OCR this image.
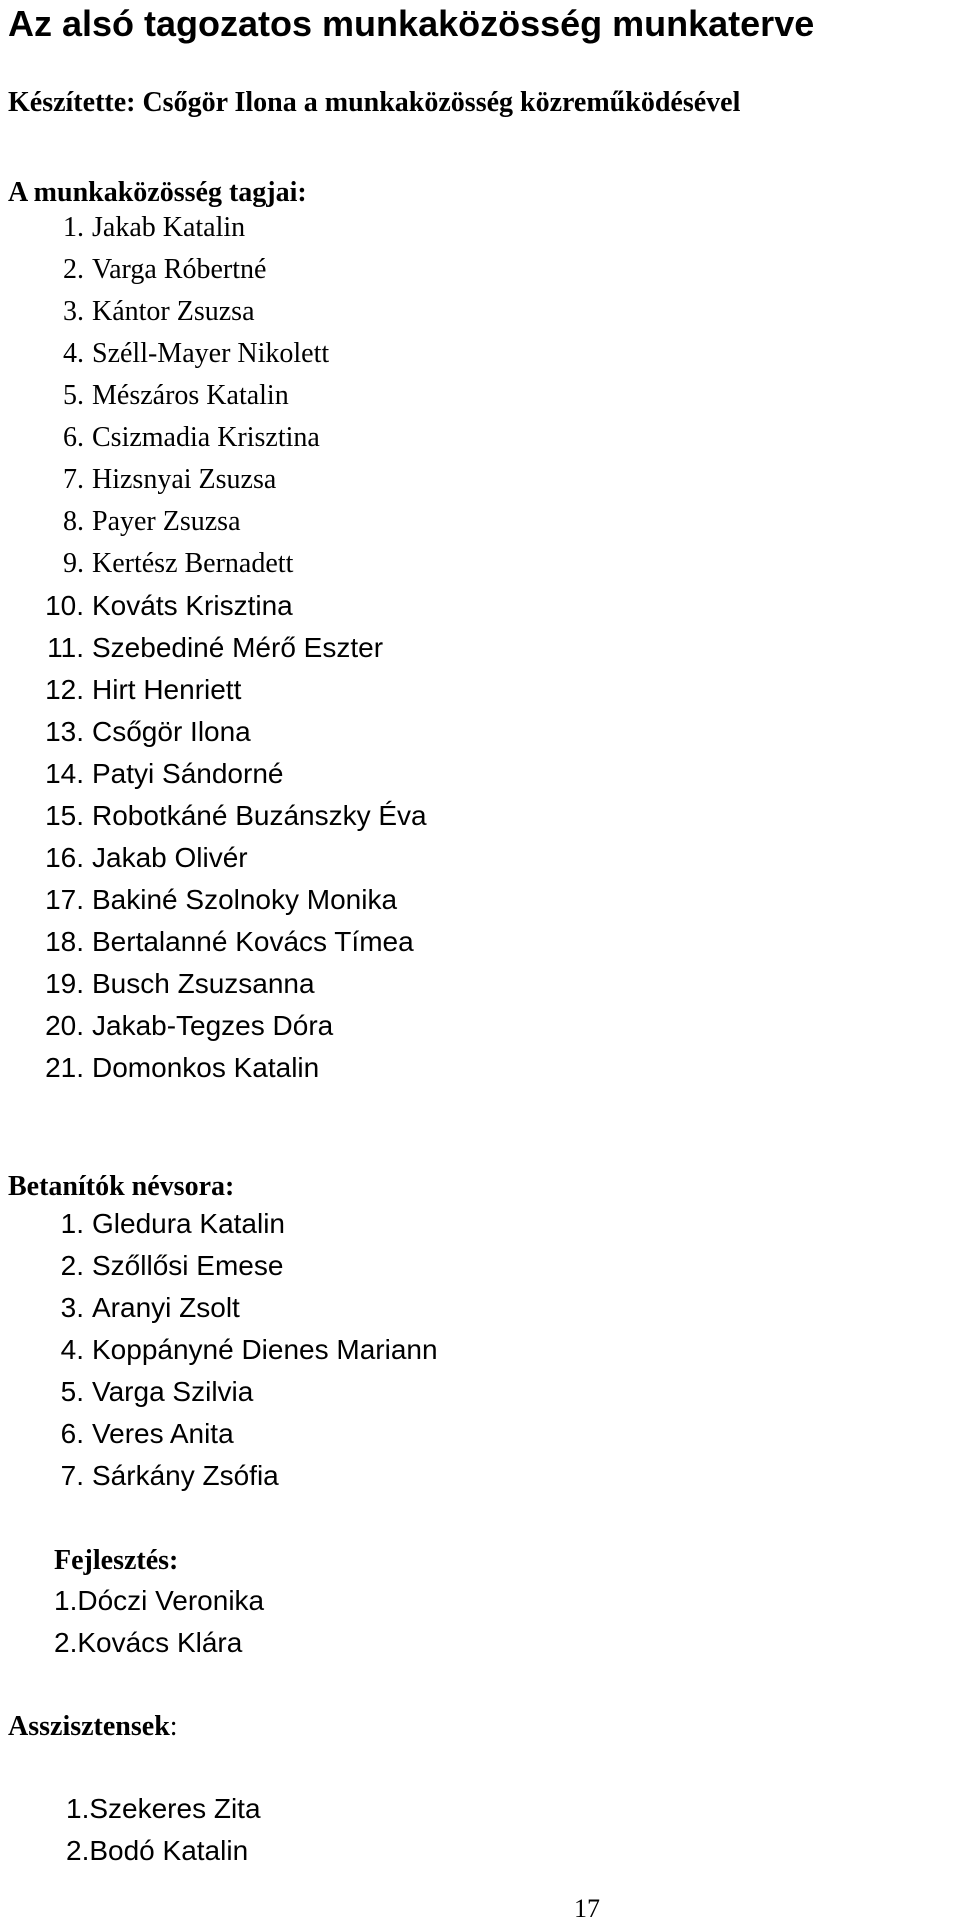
Az alsó tagozatos munkaközösség munkaterve
Készítette: Csőgör Ilona a munkaközösség közreműködésével
A munkaközösség tagjai:
1. Jakab Katalin
2. Varga Róbertné
3. Kántor Zsuzsa
4. Széll-Mayer Nikolett
5. Mészáros Katalin
6. Csizmadia Krisztina
7. Hizsnyai Zsuzsa
8. Payer Zsuzsa
9. Kertész Bernadett
10. Kováts Krisztina
11. Szebediné Mérő Eszter
12. Hirt Henriett
13. Csőgör Ilona
14. Patyi Sándorné
15. Robotkáné Buzánszky Éva
16. Jakab Olivér
17. Bakiné Szolnoky Monika
18. Bertalanné Kovács Tímea
19. Busch Zsuzsanna
20. Jakab-Tegzes Dóra
21. Domonkos Katalin
Betanítók névsora:
1. Gledura Katalin
2. Szőllősi Emese
3. Aranyi Zsolt
4. Koppányné Dienes Mariann
5. Varga Szilvia
6. Veres Anita
7. Sárkány Zsófia
Fejlesztés:
1.Dóczi Veronika
2.Kovács Klára
Asszisztensek:
1.Szekeres Zita
2.Bodó Katalin
17
